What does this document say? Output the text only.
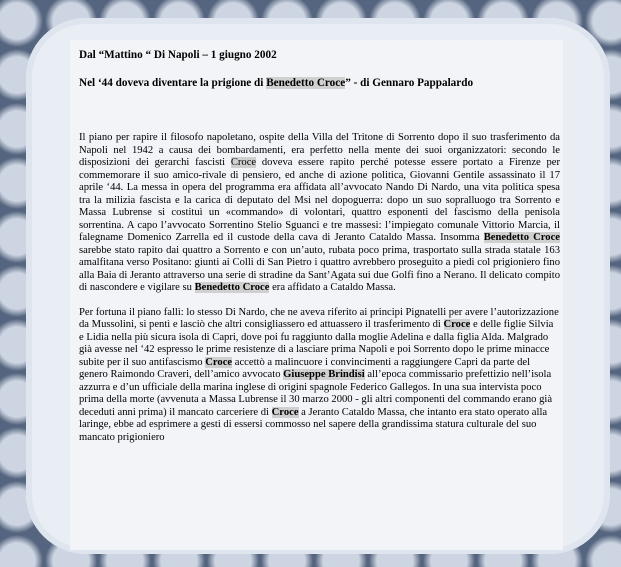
Dal “Mattino “ Di Napoli – 1 giugno 2002

Nel ‘44 doveva diventare la prigione di Benedetto Croce” - di Gennaro Pappalardo

Il piano per rapire il filosofo napoletano, ospite della Villa del Tritone di Sorrento dopo il suo trasferimento da Napoli nel 1942 a causa dei bombardamenti, era perfetto nella mente dei suoi organizzatori: secondo le disposizioni dei gerarchi fascisti Croce doveva essere rapito perché potesse essere portato a Firenze per commemorare il suo amico-rivale di pensiero, ed anche di azione politica, Giovanni Gentile assassinato il 17 aprile ‘44. La messa in opera del programma era affidata all’avvocato Nando Di Nardo, una vita politica spesa tra la milizia fascista e la carica di deputato del Msi nel dopoguerra: dopo un suo sopralluogo tra Sorrento e Massa Lubrense si costituì un «commando» di volontari, quattro esponenti del fascismo della penisola sorrentina. A capo l’avvocato Sorrentino Stelio Sguanci e tre massesi: l’impiegato comunale Vittorio Marcia, il falegname Domenico Zarrella ed il custode della cava di Jeranto Cataldo Massa. Insomma Benedetto Croce sarebbe stato rapito dai quattro a Sorrento e con un’auto, rubata poco prima, trasportato sulla strada statale 163 amalfitana verso Positano: giunti ai Colli di San Pietro i quattro avrebbero proseguito a piedi col prigioniero fino alla Baia di Jeranto attraverso una serie di stradine da Sant’Agata sui due Golfi fino a Nerano. Il delicato compito di nascondere e vigilare su Benedetto Croce era affidato a Cataldo Massa.

Per fortuna il piano fallì: lo stesso Di Nardo, che ne aveva riferito ai principi Pignatelli per avere l’autorizzazione da Mussolini, si pentì e lasciò che altri consigliassero ed attuassero il trasferimento di Croce e delle figlie Silvia e Lidia nella più sicura isola di Capri, dove poi fu raggiunto dalla moglie Adelina e dalla figlia Alda. Malgrado già avesse nel ‘42 espresso le prime resistenze di a lasciare prima Napoli e poi Sorrento dopo le prime minacce subite per il suo antifascismo Croce accettò a malincuore i convincimenti a raggiungere Capri da parte del genero Raimondo Craveri, dell’amico avvocato Giuseppe Brindisi all’epoca commissario prefettizio nell’isola azzurra e d’un ufficiale della marina inglese di origini spagnole Federico Gallegos. In una sua intervista poco prima della morte (avvenuta a Massa Lubrense il 30 marzo 2000 - gli altri componenti del commando erano già deceduti anni prima) il mancato carceriere di Croce a Jeranto Cataldo Massa, che intanto era stato operato alla laringe, ebbe ad esprimere a gesti di essersi commosso nel sapere della grandissima statura culturale del suo mancato prigioniero
